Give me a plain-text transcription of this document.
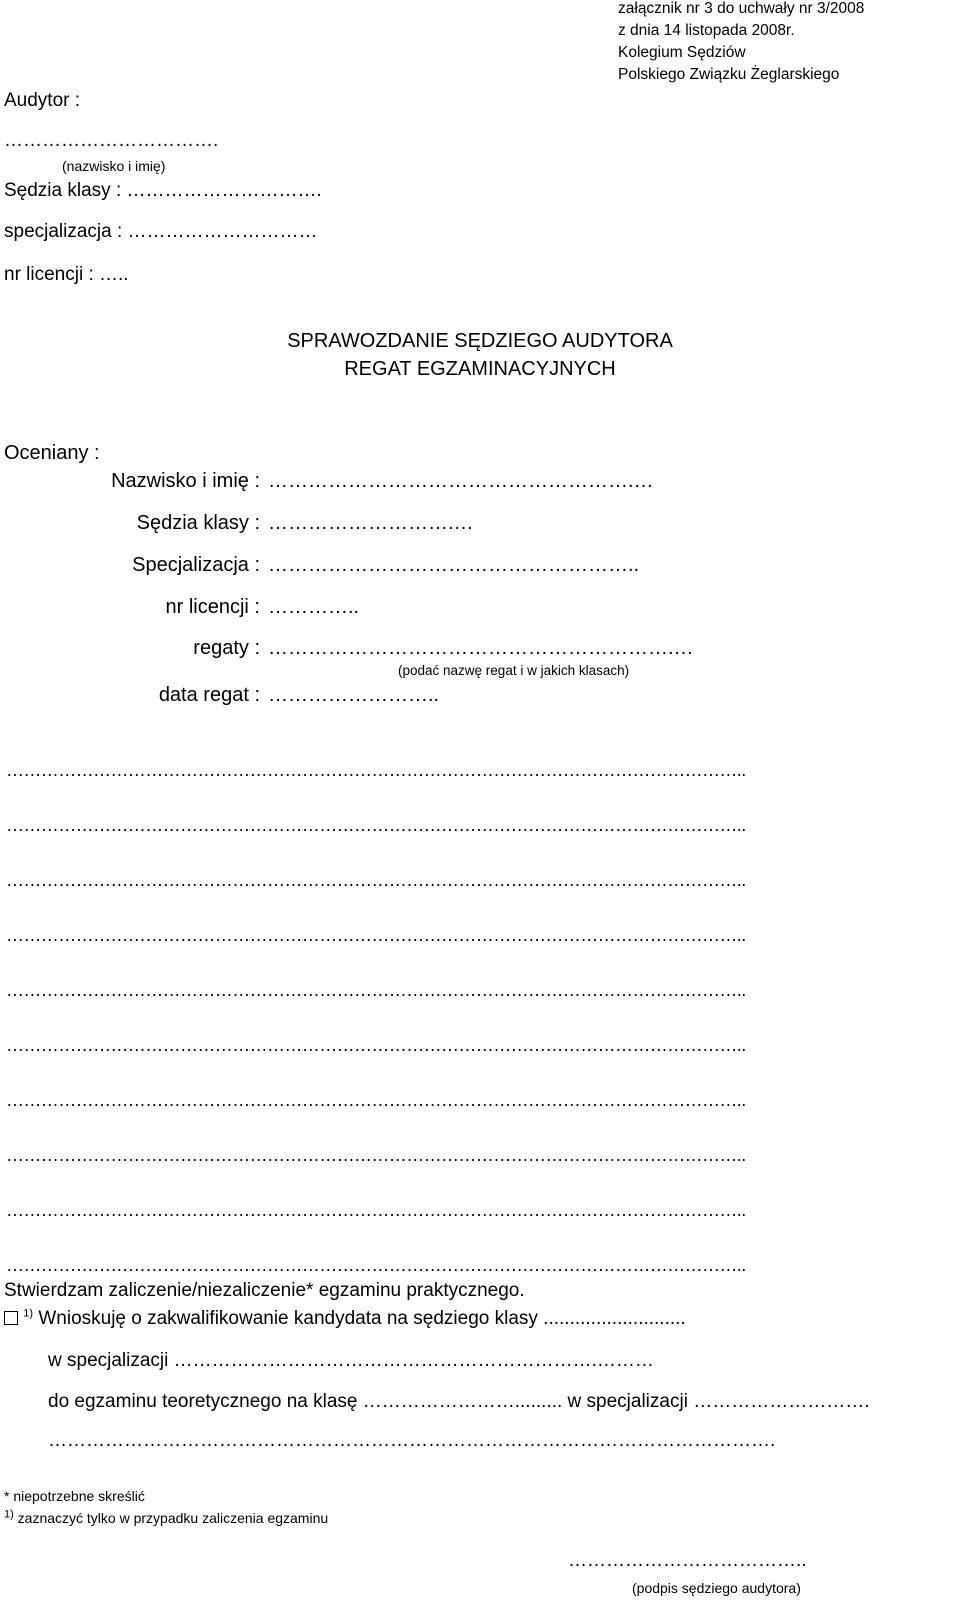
załącznik nr 3 do uchwały nr 3/2008
z dnia 14 listopada 2008r.
Kolegium Sędziów
Polskiego Związku Żeglarskiego
Audytor :
…………………………….
(nazwisko i imię)
Sędzia klasy : ………………………….
specjalizacja : …………………………
nr licencji : …..
SPRAWOZDANIE SĘDZIEGO AUDYTORA
REGAT EGZAMINACYJNYCH
Oceniany :
Nazwisko i imię : ……………………………………………….…
Sędzia klasy : ……………………….…
Specjalizacja : ………………………………………………..
nr licencji : …………..
regaty : …………………………………………………….…
(podać nazwę regat i w jakich klasach)
data regat : ……………………..
………………………………………………………………………………………………………………..
………………………………………………………………………………………………………………..
………………………………………………………………………………………………………………..
………………………………………………………………………………………………………………..
………………………………………………………………………………………………………………..
………………………………………………………………………………………………………………..
………………………………………………………………………………………………………………..
………………………………………………………………………………………………………………..
………………………………………………………………………………………………………………..
………………………………………………………………………………………………………………..
Stwierdzam zaliczenie/niezaliczenie* egzaminu praktycznego.
$^{1)}$ Wnioskuję o zakwalifikowanie kandydata na sędziego klasy ...........................
w specjalizacji ………………………………………………………….………
do egzaminu teoretycznego na klasę ……………………......... w specjalizacji ……………………….
…………………………………………………………………………………………………….
* niepotrzebne skreślić
$^{1)}$ zaznaczyć tylko w przypadku zaliczenia egzaminu
………………………………..
(podpis sędziego audytora)
